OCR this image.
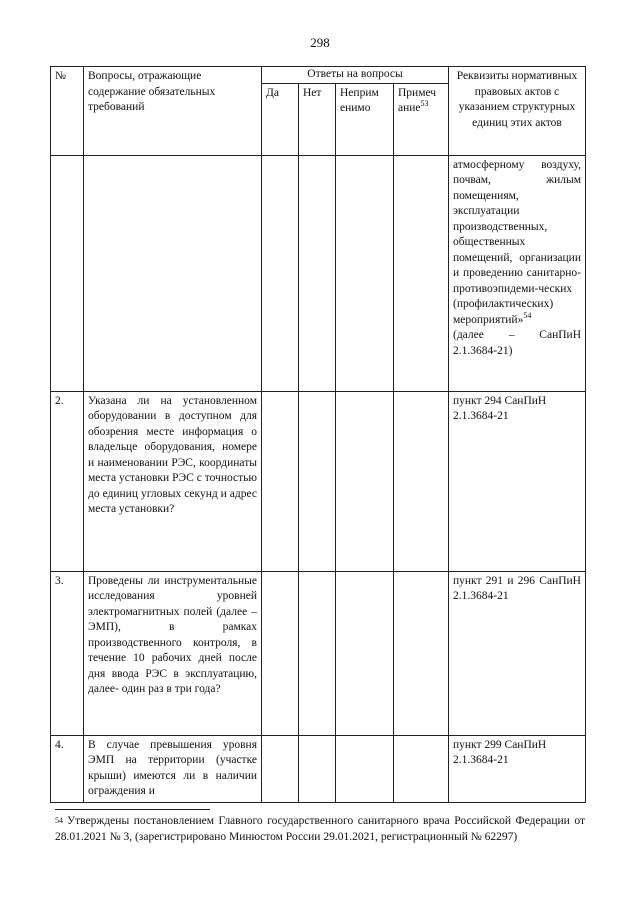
298
№	Вопросы, отражающие содержание обязательных требований	Ответы на вопросы				Реквизиты нормативных правовых актов с указанием структурных единиц этих актов
		Да	Нет	Неприм енимо	Примеч ание$^{53}$
						атмосферному воздуху, почвам, жилым помещениям, эксплуатации производственных, общественных помещений, организации и проведению санитарно-противоэпидеми-ческих (профилактических) мероприятий»$^{54}$
(далее – СанПиН 2.1.3684-21)
2.	Указана ли на установленном оборудовании в доступном для обозрения месте информация о владельце оборудования, номере и наименовании РЭС, координаты места установки РЭС с точностью до единиц угловых секунд и адрес места установки?					пункт 294 СанПиН 2.1.3684-21
3.	Проведены ли инструментальные исследования уровней электромагнитных полей (далее – ЭМП), в рамках производственного контроля, в течение 10 рабочих дней после дня ввода РЭС в эксплуатацию, далее- один раз в три года?					пункт 291 и 296 СанПиН 2.1.3684-21
4.	В случае превышения уровня ЭМП на территории (участке крыши) имеются ли в наличии ограждения и					пункт 299 СанПиН 2.1.3684-21
$^{54}$ Утверждены постановлением Главного государственного санитарного врача Российской Федерации от 28.01.2021 № 3, (зарегистрировано Минюстом России 29.01.2021, регистрационный № 62297)
